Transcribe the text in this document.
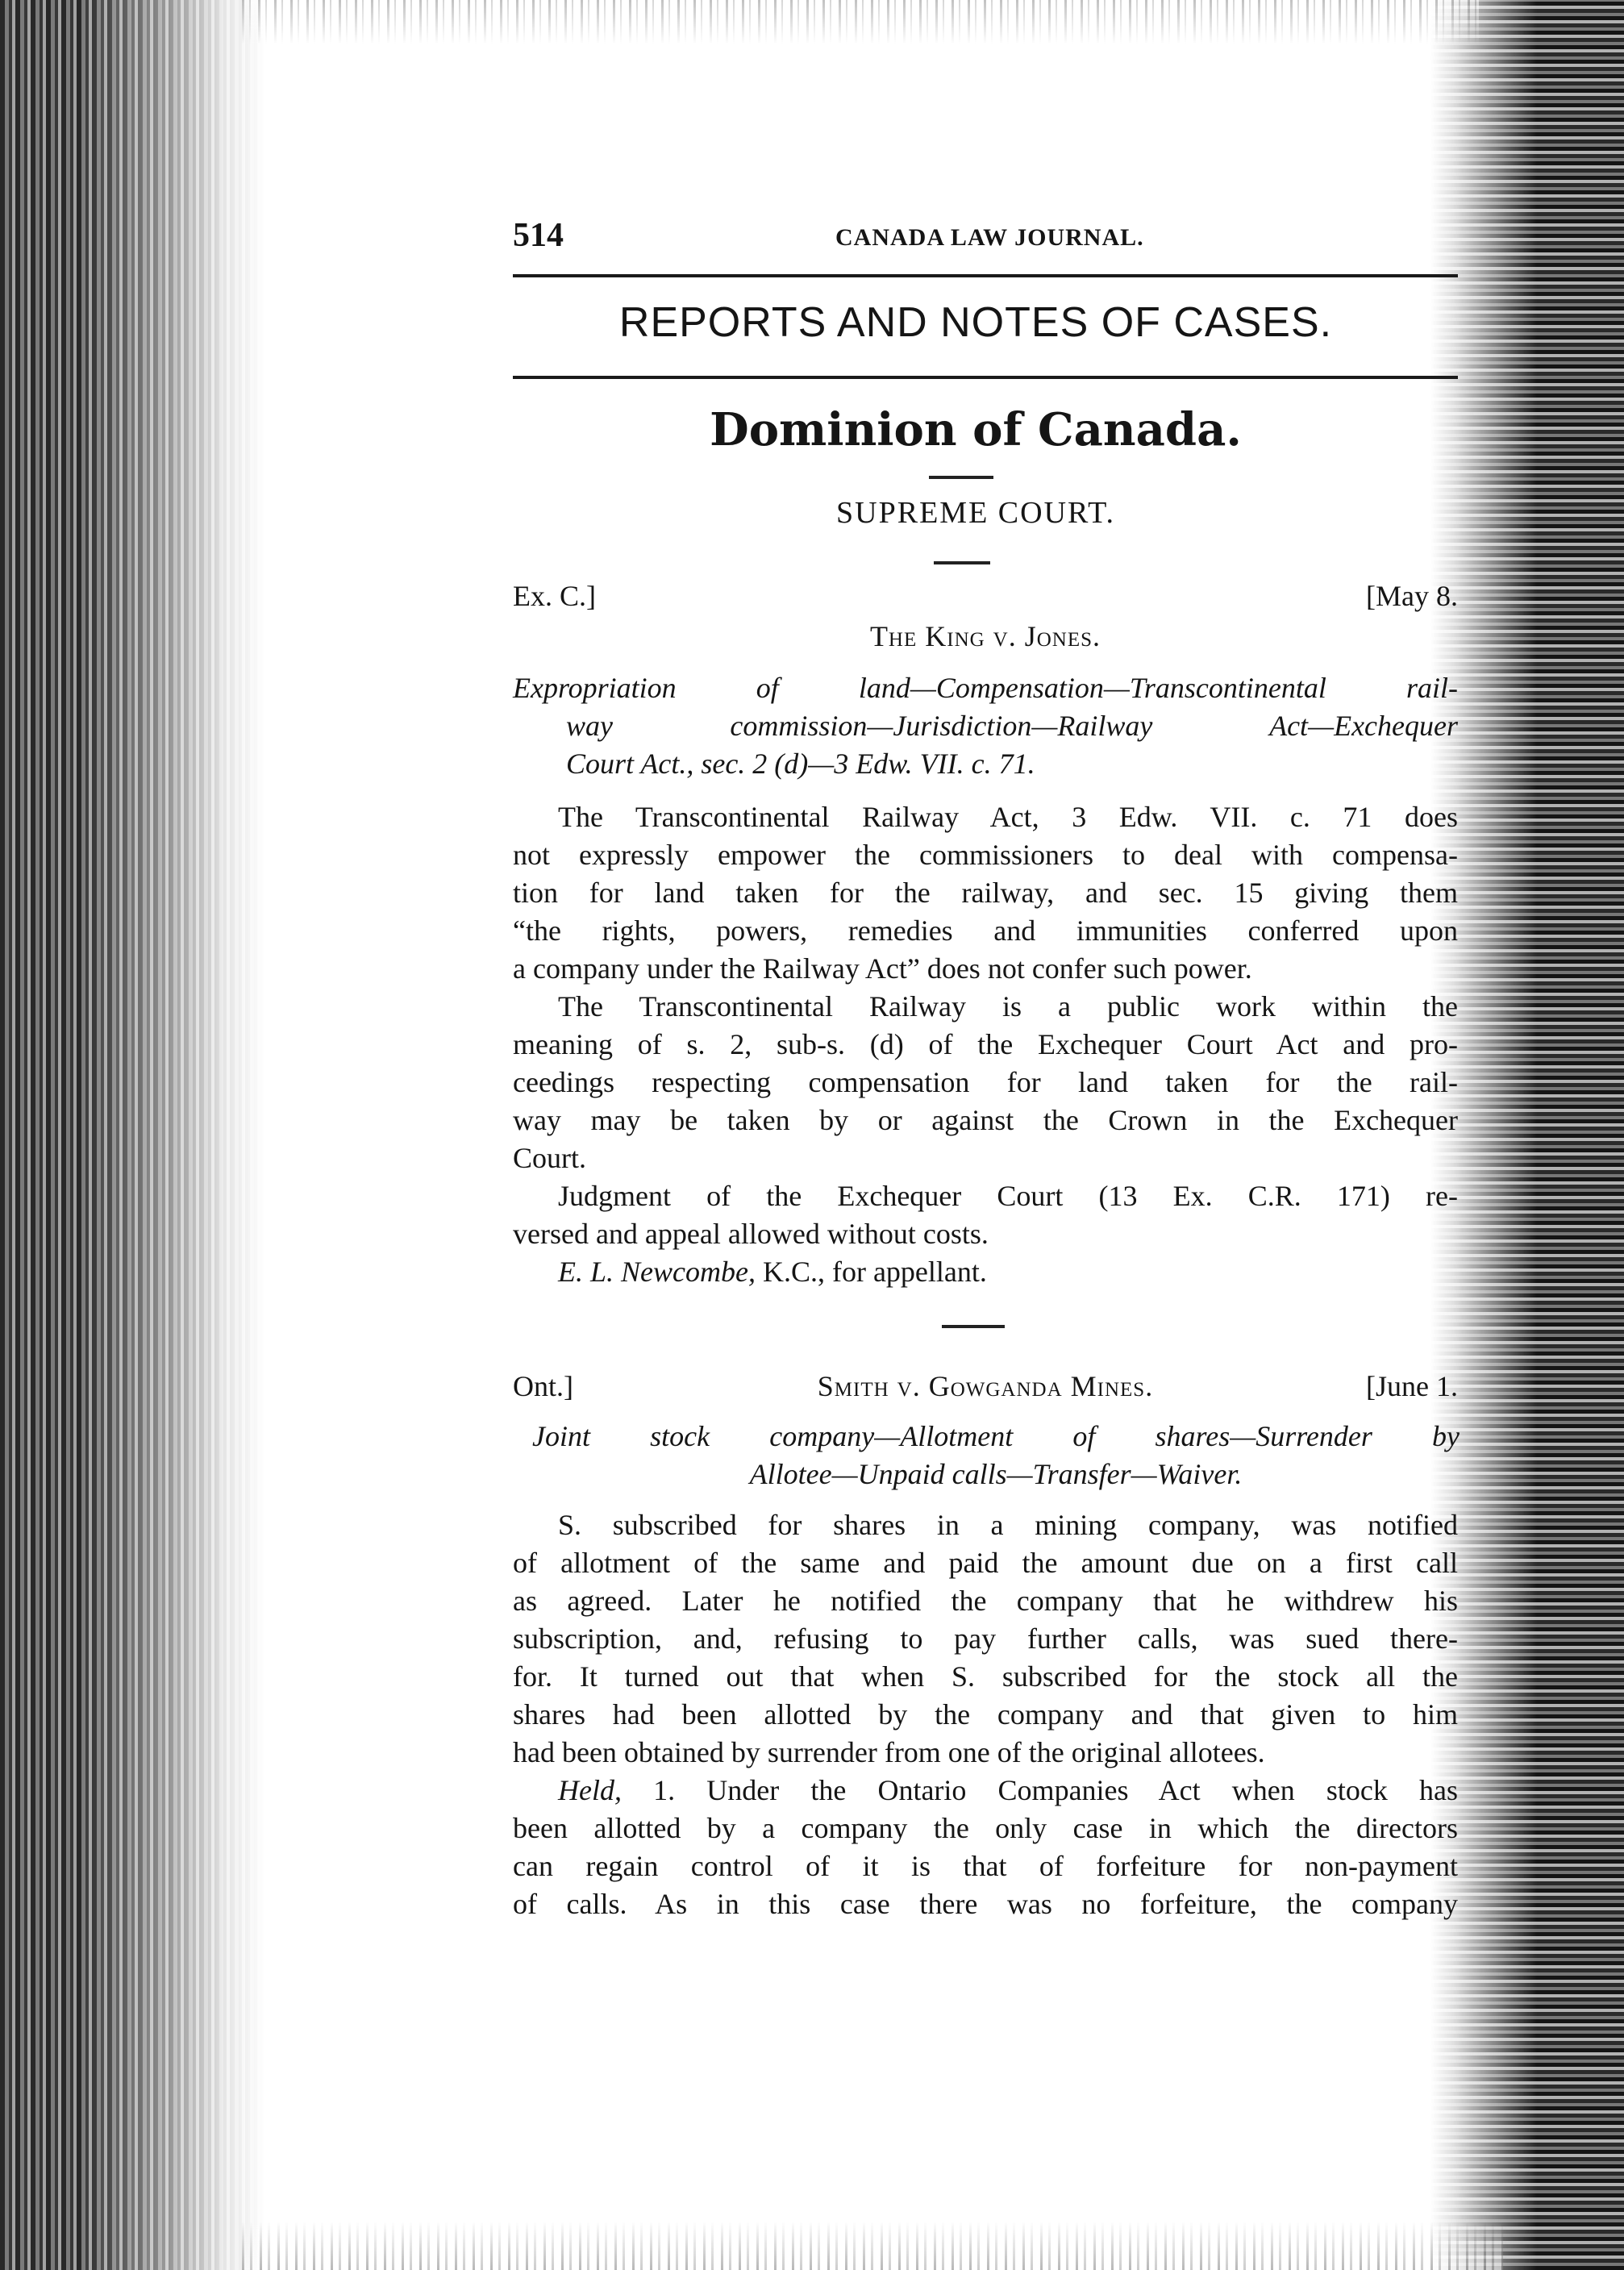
514	CANADA LAW JOURNAL.
REPORTS AND NOTES OF CASES.
Dominion of Canada.
SUPREME COURT.
Ex. C.]	[May 8.
The King v. Jones.
Expropriation of land—Compensation—Transcontinental rail-
way commission—Jurisdiction—Railway Act—Exchequer
Court Act., sec. 2 (d)—3 Edw. VII. c. 71.
The Transcontinental Railway Act, 3 Edw. VII. c. 71 does
not expressly empower the commissioners to deal with compensa-
tion for land taken for the railway, and sec. 15 giving them
“the rights, powers, remedies and immunities conferred upon
a company under the Railway Act” does not confer such power.
The Transcontinental Railway is a public work within the
meaning of s. 2, sub-s. (d) of the Exchequer Court Act and pro-
ceedings respecting compensation for land taken for the rail-
way may be taken by or against the Crown in the Exchequer
Court.
Judgment of the Exchequer Court (13 Ex. C.R. 171) re-
versed and appeal allowed without costs.
E. L. Newcombe, K.C., for appellant.
Ont.]	Smith v. Gowganda Mines.	[June 1.
Joint stock company—Allotment of shares—Surrender by
Allotee—Unpaid calls—Transfer—Waiver.
S. subscribed for shares in a mining company, was notified
of allotment of the same and paid the amount due on a first call
as agreed. Later he notified the company that he withdrew his
subscription, and, refusing to pay further calls, was sued there-
for. It turned out that when S. subscribed for the stock all the
shares had been allotted by the company and that given to him
had been obtained by surrender from one of the original allotees.
Held, 1. Under the Ontario Companies Act when stock has
been allotted by a company the only case in which the directors
can regain control of it is that of forfeiture for non-payment
of calls. As in this case there was no forfeiture, the company
